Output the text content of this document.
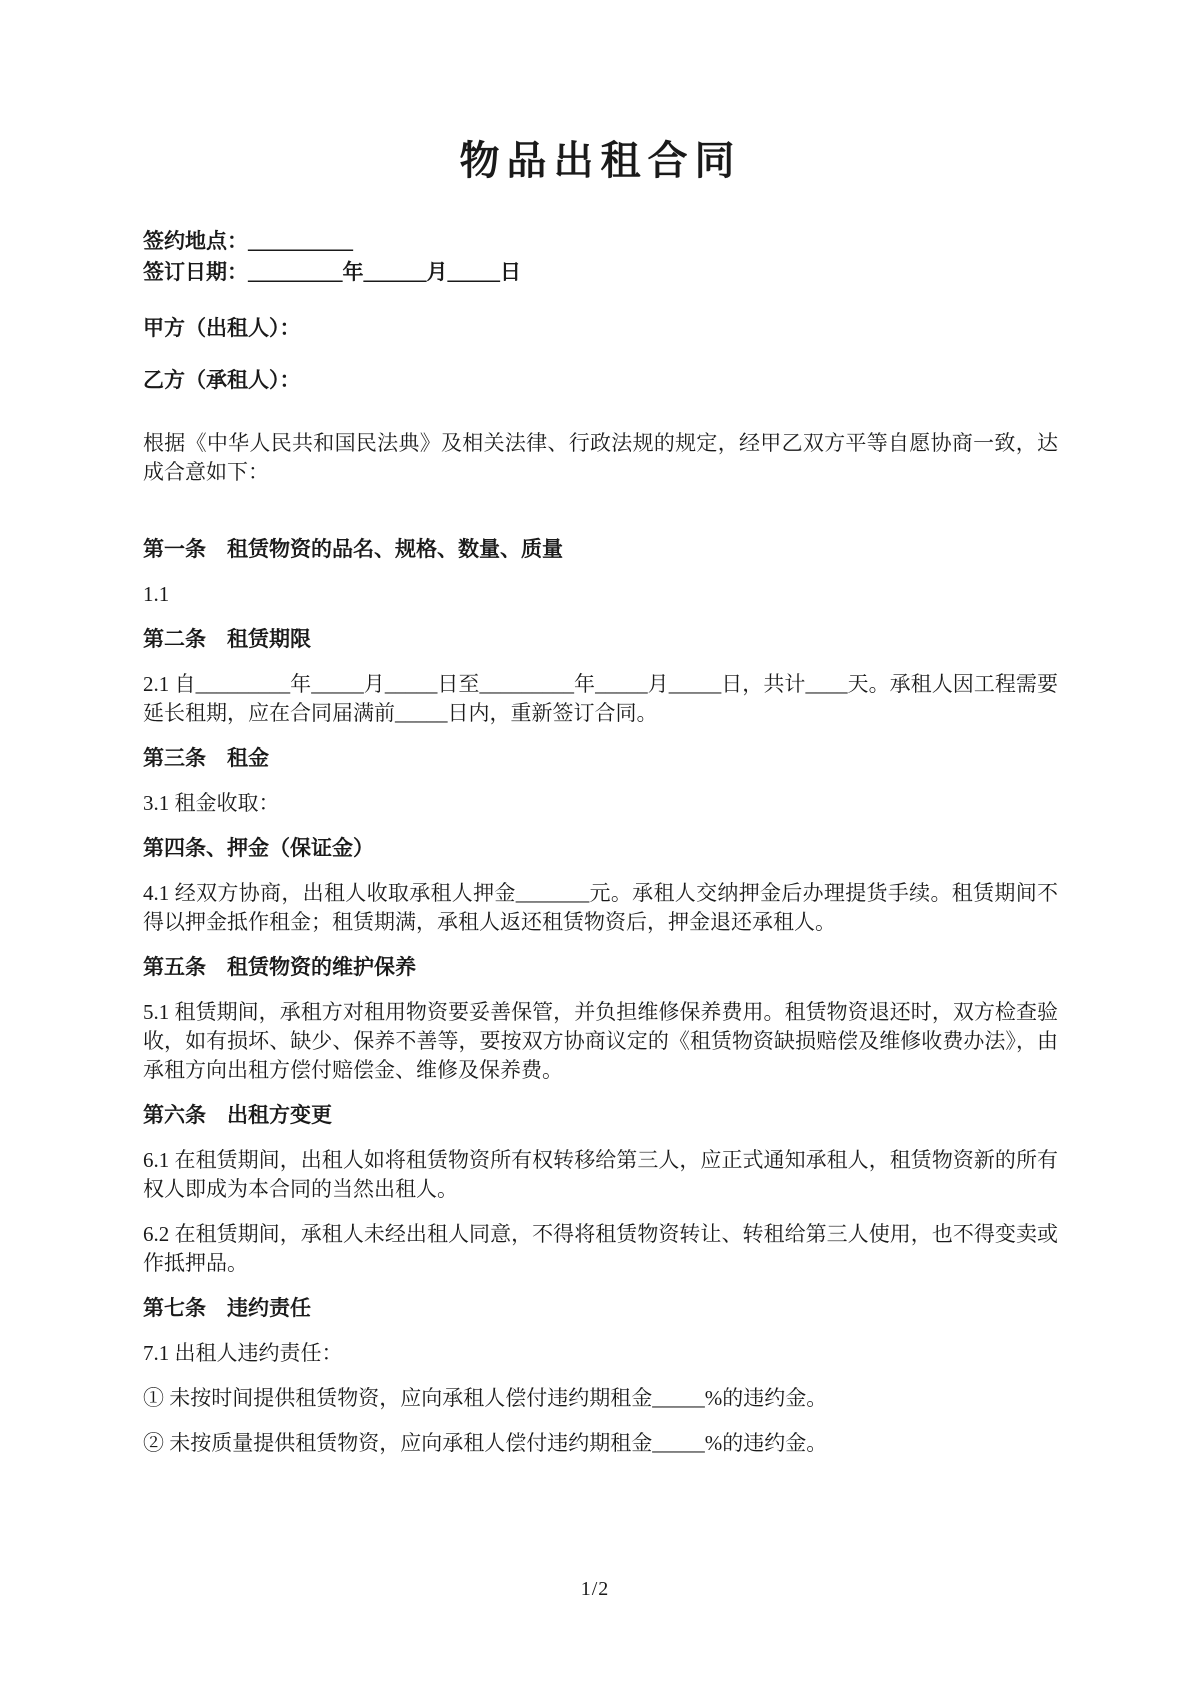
物品出租合同

签约地点：__________

签订日期：_________年______月_____日

甲方（出租人）：

乙方（承租人）：

根据《中华人民共和国民法典》及相关法律、行政法规的规定，经甲乙双方平等自愿协商一致，达成合意如下：

第一条　租赁物资的品名、规格、数量、质量

1.1

第二条　租赁期限

2.1 自_________年_____月_____日至_________年_____月_____日，共计____天。承租人因工程需要延长租期，应在合同届满前_____日内，重新签订合同。

第三条　租金

3.1 租金收取：

第四条、押金（保证金）

4.1 经双方协商，出租人收取承租人押金_______元。承租人交纳押金后办理提货手续。租赁期间不得以押金抵作租金；租赁期满，承租人返还租赁物资后，押金退还承租人。

第五条　租赁物资的维护保养

5.1 租赁期间，承租方对租用物资要妥善保管，并负担维修保养费用。租赁物资退还时，双方检查验收，如有损坏、缺少、保养不善等，要按双方协商议定的《租赁物资缺损赔偿及维修收费办法》，由承租方向出租方偿付赔偿金、维修及保养费。

第六条　出租方变更

6.1 在租赁期间，出租人如将租赁物资所有权转移给第三人，应正式通知承租人，租赁物资新的所有权人即成为本合同的当然出租人。

6.2 在租赁期间，承租人未经出租人同意，不得将租赁物资转让、转租给第三人使用，也不得变卖或作抵押品。

第七条　违约责任

7.1 出租人违约责任：

① 未按时间提供租赁物资，应向承租人偿付违约期租金_____%的违约金。

② 未按质量提供租赁物资，应向承租人偿付违约期租金_____%的违约金。

1/2
